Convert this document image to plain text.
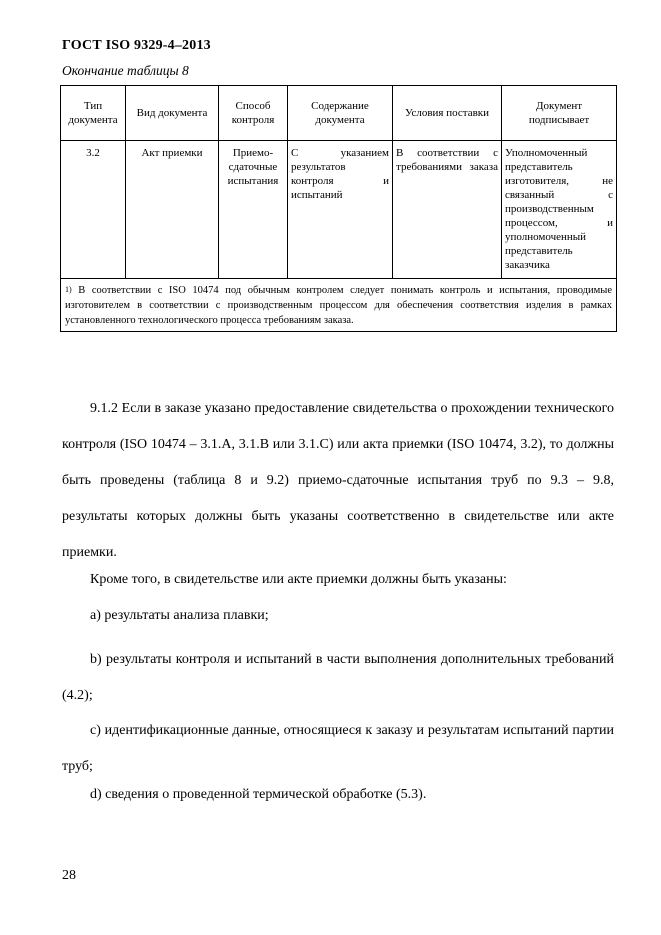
ГОСТ ISO 9329-4–2013
Окончание таблицы 8
Тип документа	Вид документа	Способ контроля	Содержание документа	Условия поставки	Документ подписывает
3.2	Акт приемки	Приемо-сдаточные испытания	С указанием результатов контроля и испытаний	В соответствии с требованиями заказа	Уполномоченный представитель изготовителя, не связанный с производственным процессом, и уполномоченный представитель заказчика
$^{1)}$ В соответствии с ISO 10474 под обычным контролем следует понимать контроль и испытания, проводимые изготовителем в соответствии с производственным процессом для обеспечения соответствия изделия в рамках установленного технологического процесса требованиям заказа.					
9.1.2 Если в заказе указано предоставление свидетельства о прохождении технического контроля (ISO 10474 – 3.1.A, 3.1.B или 3.1.C) или акта приемки (ISO 10474, 3.2), то должны быть проведены (таблица 8 и 9.2) приемо-сдаточные испытания труб по 9.3 – 9.8, результаты которых должны быть указаны соответственно в свидетельстве или акте приемки.
Кроме того, в свидетельстве или акте приемки должны быть указаны:
а) результаты анализа плавки;
b) результаты контроля и испытаний в части выполнения дополнительных требований (4.2);
c) идентификационные данные, относящиеся к заказу и результатам испытаний партии труб;
d) сведения о проведенной термической обработке (5.3).
28
